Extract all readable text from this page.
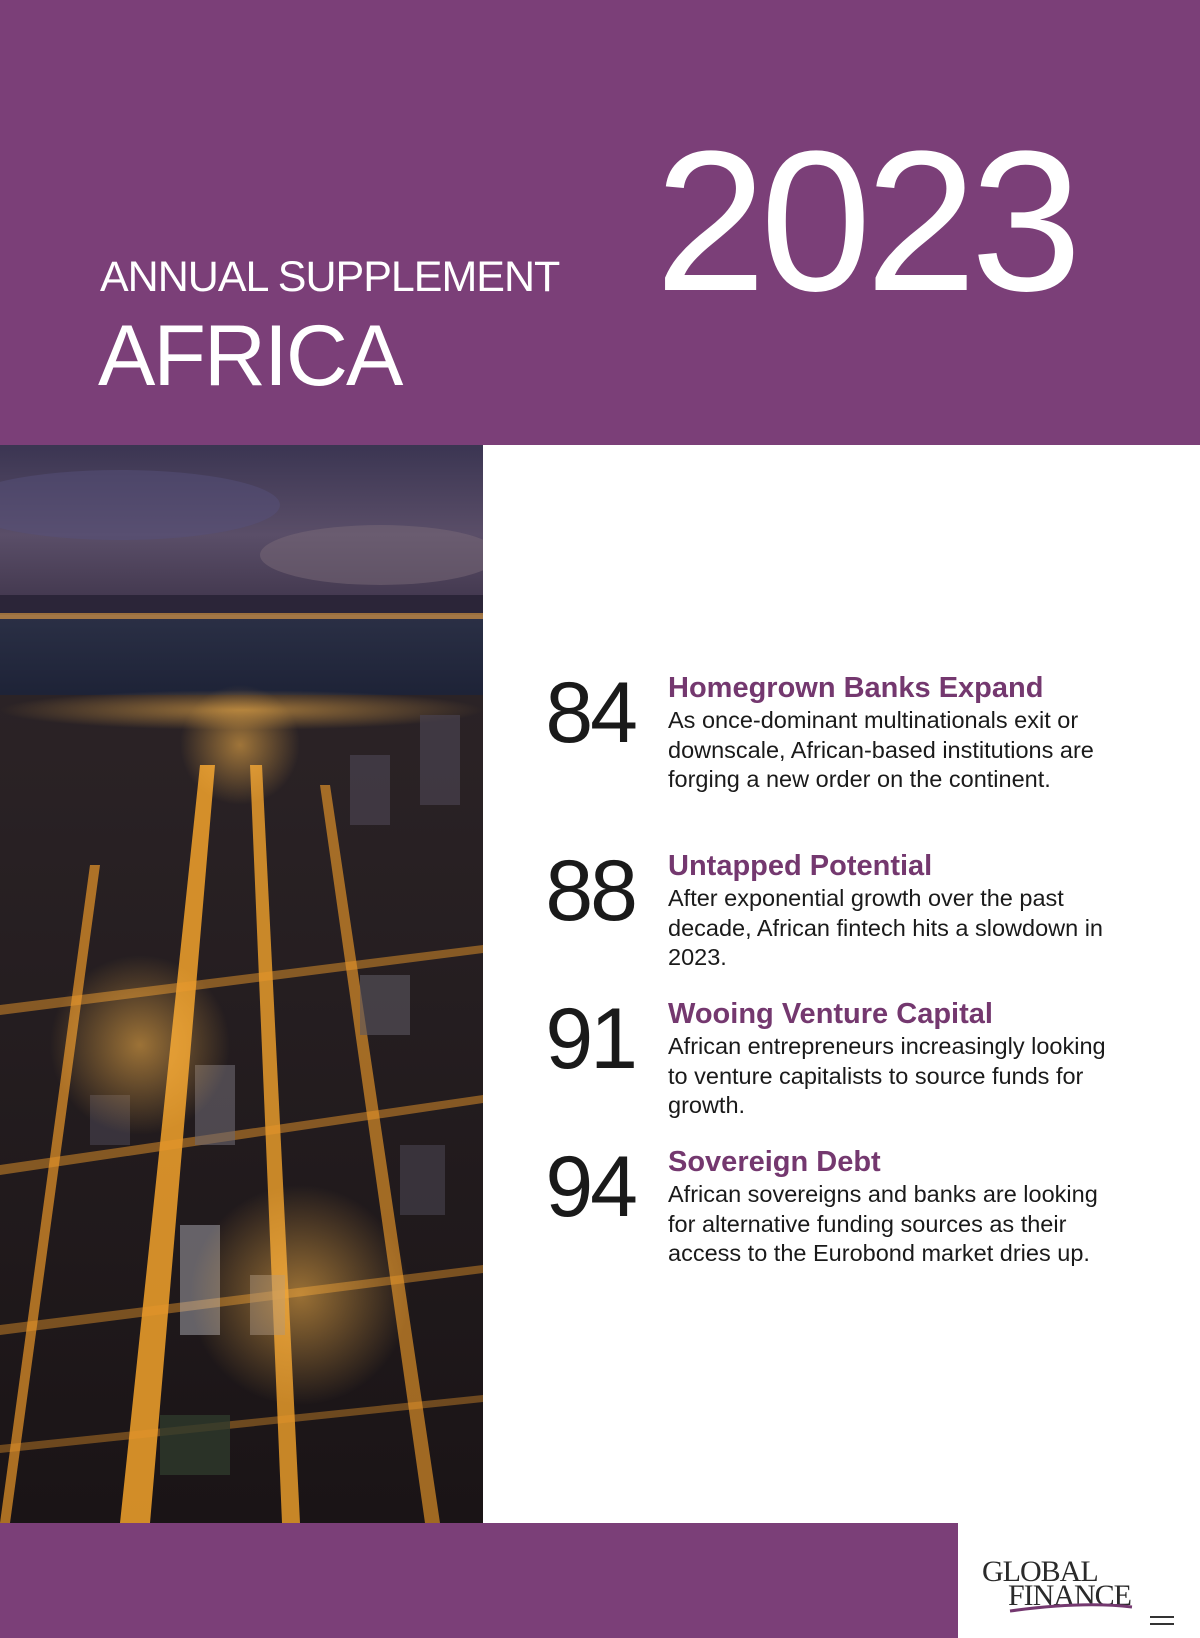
ANNUAL SUPPLEMENT
AFRICA
2023
84 Homegrown Banks Expand
As once-dominant multinationals exit or downscale, African-based institutions are forging a new order on the continent.
88 Untapped Potential
After exponential growth over the past decade, African fintech hits a slowdown in 2023.
91 Wooing Venture Capital
African entrepreneurs increasingly looking to venture capitalists to source funds for growth.
94 Sovereign Debt
African sovereigns and banks are looking for alternative funding sources as their access to the Eurobond market dries up.
GLOBAL
FINANCE
